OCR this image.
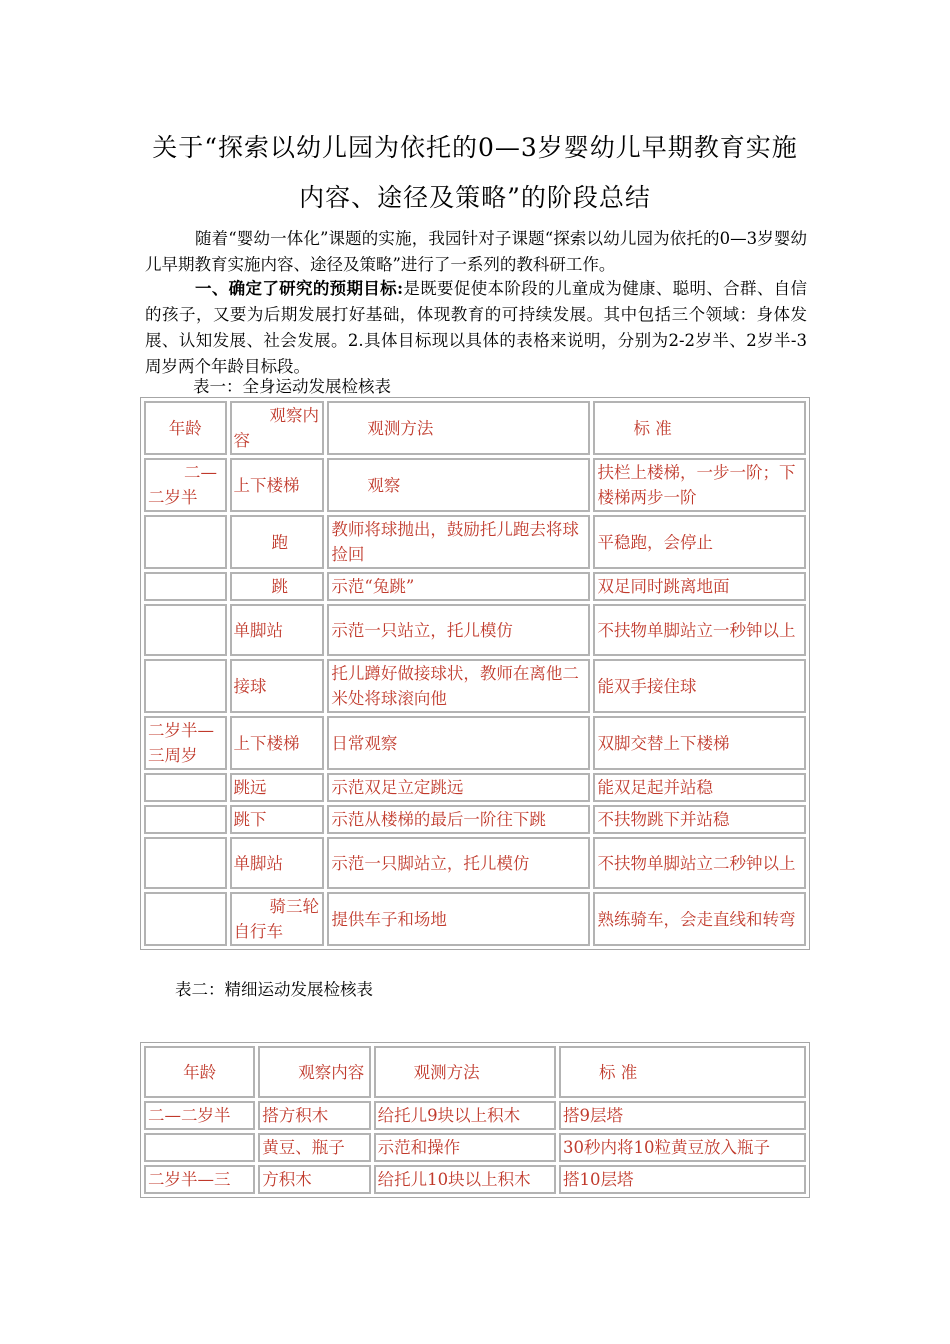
关于“探索以幼儿园为依托的0—3岁婴幼儿早期教育实施
内容、途径及策略”的阶段总结
随着“婴幼一体化”课题的实施，我园针对子课题“探索以幼儿园为依托的0—3岁婴幼儿早期教育实施内容、途径及策略”进行了一系列的教科研工作。
一、确定了研究的预期目标:是既要促使本阶段的儿童成为健康、聪明、合群、自信的孩子，又要为后期发展打好基础，体现教育的可持续发展。其中包括三个领域：身体发展、认知发展、社会发展。2.具体目标现以具体的表格来说明，分别为2-2岁半、2岁半-3周岁两个年龄目标段。
表一：全身运动发展检核表
年龄	观察内容	观测方法	标 准
二—二岁半	上下楼梯	观察	扶栏上楼梯，一步一阶；下楼梯两步一阶
	跑	教师将球抛出，鼓励托儿跑去将球捡回	平稳跑，会停止
	跳	示范“兔跳”	双足同时跳离地面
	单脚站	示范一只站立，托儿模仿	不扶物单脚站立一秒钟以上
	接球	托儿蹲好做接球状，教师在离他二米处将球滚向他	能双手接住球
二岁半—三周岁	上下楼梯	日常观察	双脚交替上下楼梯
	跳远	示范双足立定跳远	能双足起并站稳
	跳下	示范从楼梯的最后一阶往下跳	不扶物跳下并站稳
	单脚站	示范一只脚站立，托儿模仿	不扶物单脚站立二秒钟以上
	骑三轮自行车	提供车子和场地	熟练骑车，会走直线和转弯
表二：精细运动发展检核表
年龄	观察内容	观测方法	标 准
二—二岁半	搭方积木	给托儿9块以上积木	搭9层塔
	黄豆、瓶子	示范和操作	30秒内将10粒黄豆放入瓶子
二岁半—三	方积木	给托儿10块以上积木	搭10层塔
